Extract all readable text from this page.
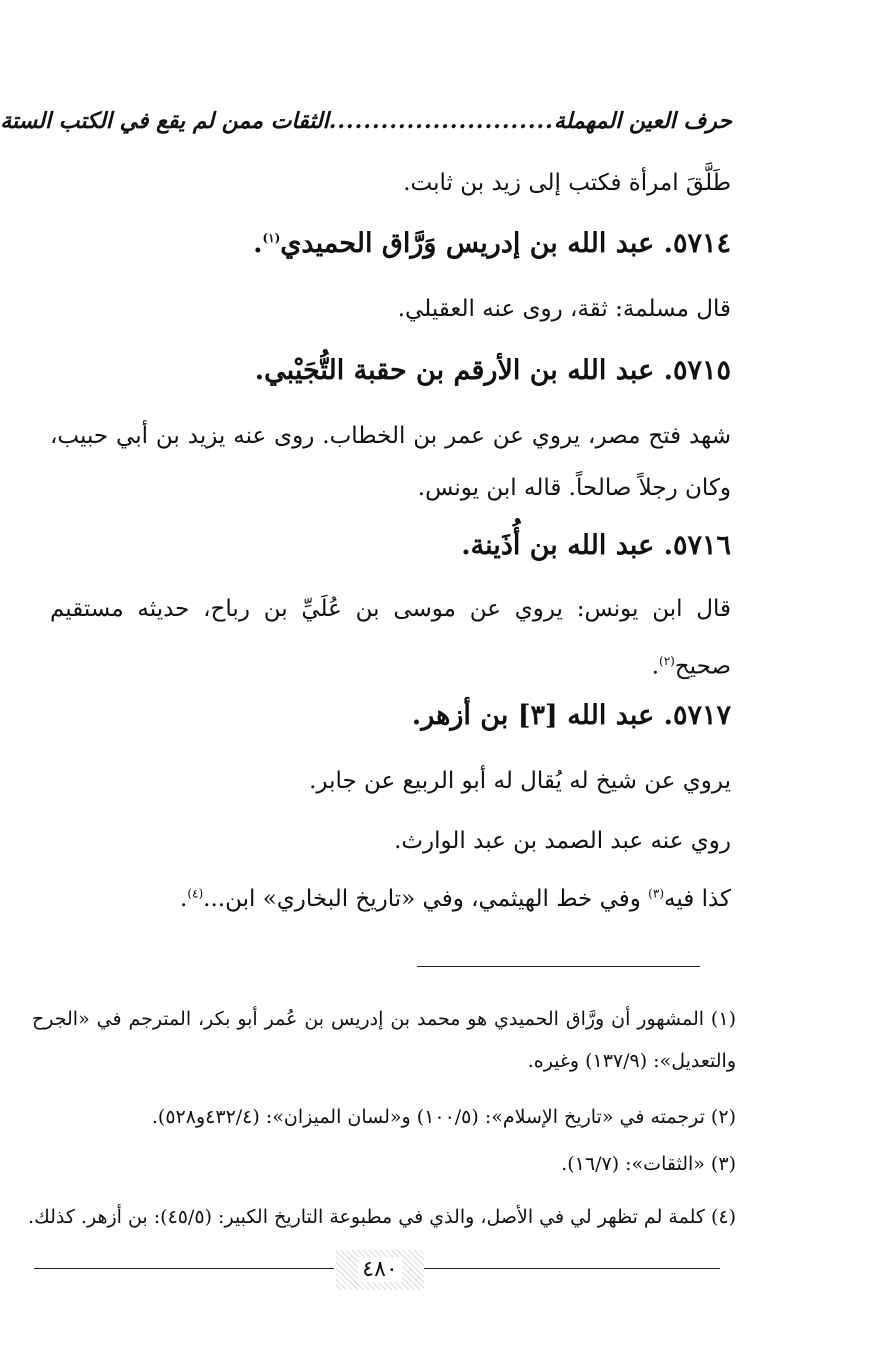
حرف العين المهملة
..........................
الثقات ممن لم يقع في الكتب الستة
طَلَّقَ امرأة فكتب إلى زيد بن ثابت.
٥٧١٤. عبد الله بن إدريس وَرَّاق الحميدي$^{(١)}$.
قال مسلمة: ثقة، روى عنه العقيلي.
٥٧١٥. عبد الله بن الأرقم بن حقبة التُّجَيْبي.
شهد فتح مصر، يروي عن عمر بن الخطاب. روى عنه يزيد بن أبي حبيب، وكان رجلاً صالحاً. قاله ابن يونس.
٥٧١٦. عبد الله بن أُذَينة.
قال ابن يونس: يروي عن موسى بن عُلَيِّ بن رباح، حديثه مستقيم صحيح$^{(٢)}$.
٥٧١٧. عبد الله [٣] بن أزهر.
يروي عن شيخ له يُقال له أبو الربيع عن جابر.
روي عنه عبد الصمد بن عبد الوارث.
كذا فيه$^{(٣)}$ وفي خط الهيثمي، وفي «تاريخ البخاري» ابن...$^{(٤)}$.
(١) المشهور أن ورَّاق الحميدي هو محمد بن إدريس بن عُمر أبو بكر، المترجم في «الجرح والتعديل»: (١٣٧/٩) وغيره.
(٢) ترجمته في «تاريخ الإسلام»: (١٠٠/٥) و«لسان الميزان»: (٤٣٢/٤و٥٢٨).
(٣) «الثقات»: (١٦/٧).
(٤) كلمة لم تظهر لي في الأصل، والذي في مطبوعة التاريخ الكبير: (٤٥/٥): بن أزهر. كذلك.
٤٨٠
